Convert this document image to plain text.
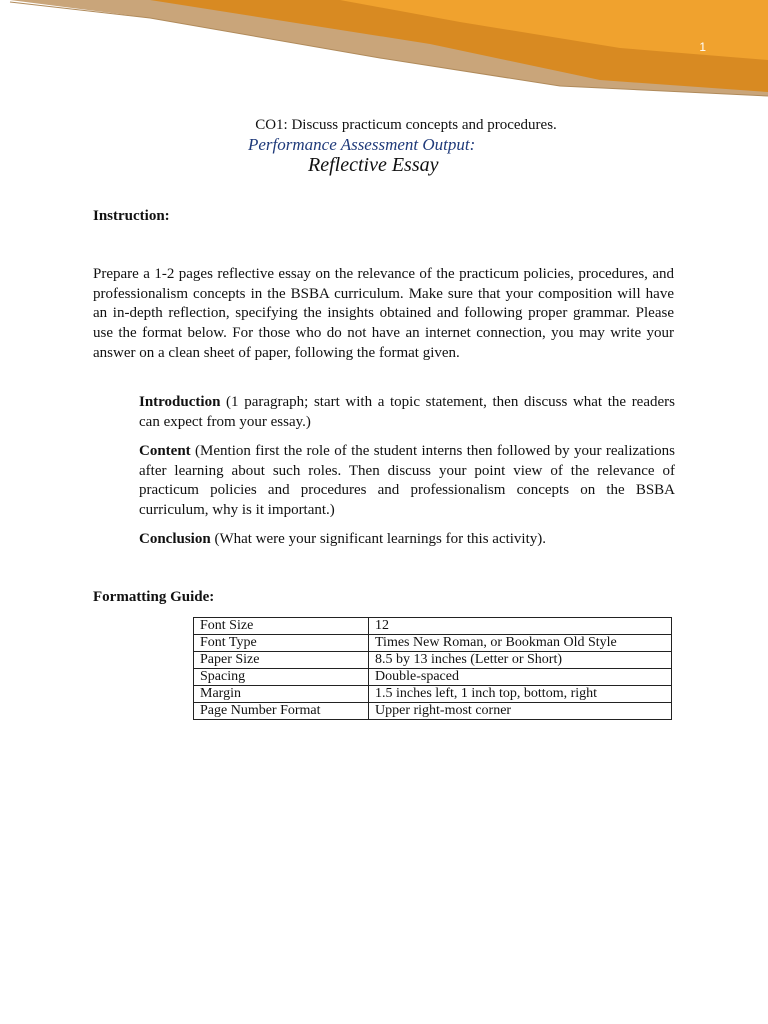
1
CO1: Discuss practicum concepts and procedures.
Performance Assessment Output:
Reflective Essay
Instruction:

Prepare a 1-2 pages reflective essay on the relevance of the practicum policies, procedures, and professionalism concepts in the BSBA curriculum. Make sure that your composition will have an in-depth reflection, specifying the insights obtained and following proper grammar. Please use the format below. For those who do not have an internet connection, you may write your answer on a clean sheet of paper, following the format given.

Introduction (1 paragraph; start with a topic statement, then discuss what the readers can expect from your essay.)

Content (Mention first the role of the student interns then followed by your realizations after learning about such roles. Then discuss your point view of the relevance of practicum policies and procedures and professionalism concepts on the BSBA curriculum, why is it important.)

Conclusion (What were your significant learnings for this activity).

Formatting Guide:
Font Size	12
Font Type	Times New Roman, or Bookman Old Style
Paper Size	8.5 by 13 inches (Letter or Short)
Spacing	Double-spaced
Margin	1.5 inches left, 1 inch top, bottom, right
Page Number Format	Upper right-most corner
